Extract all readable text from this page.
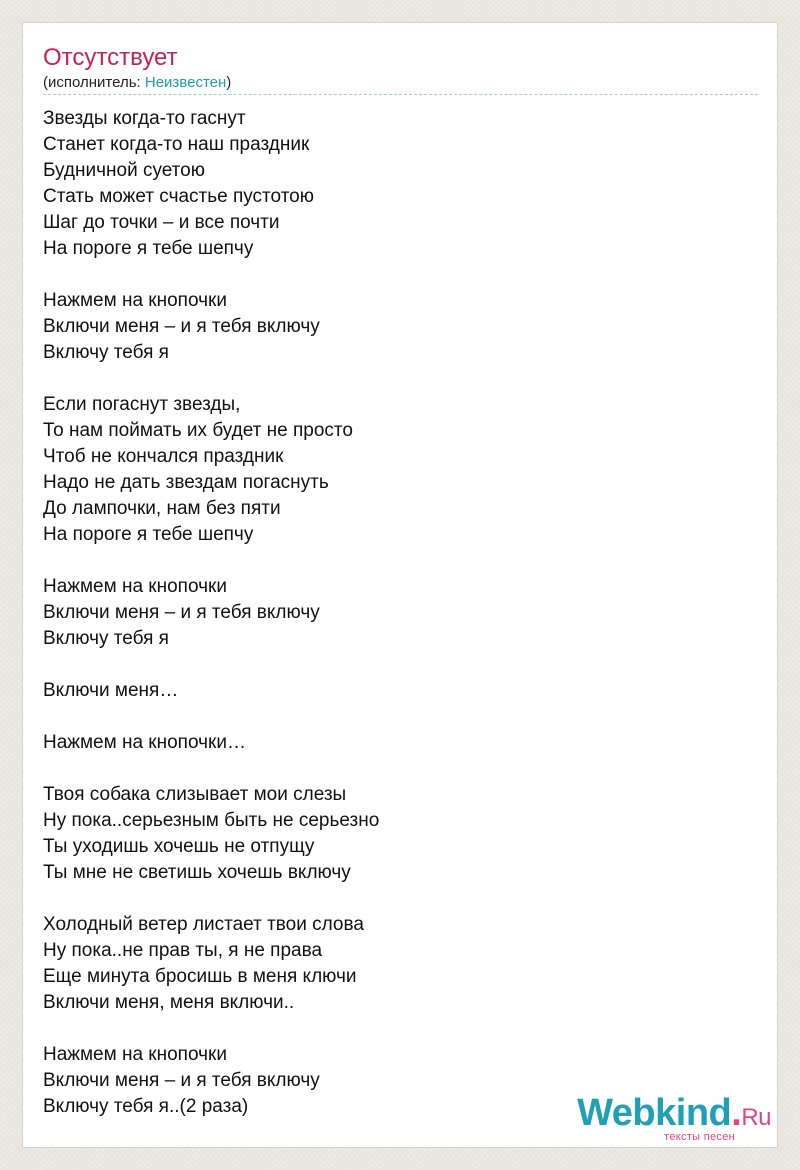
Отсутствует
(исполнитель: Неизвестен)
Звезды когда-то гаснут
Станет когда-то наш праздник
Будничной суетою
Стать может счастье пустотою
Шаг до точки – и все почти
На пороге я тебе шепчу

Нажмем на кнопочки
Включи меня – и я тебя включу
Включу тебя я

Если погаснут звезды,
То нам поймать их будет не просто
Чтоб не кончался праздник
Надо не дать звездам погаснуть
До лампочки, нам без пяти
На пороге я тебе шепчу

Нажмем на кнопочки
Включи меня – и я тебя включу
Включу тебя я

Включи меня…

Нажмем на кнопочки…

Твоя собака слизывает мои слезы
Ну пока..серьезным быть не серьезно
Ты уходишь хочешь не отпущу
Ты мне не светишь хочешь включу

Холодный ветер листает твои слова
Ну пока..не прав ты, я не права
Еще минута бросишь в меня ключи
Включи меня, меня включи..

Нажмем на кнопочки
Включи меня – и я тебя включу
Включу тебя я..(2 раза)	Webkind.Ru
тексты песен
